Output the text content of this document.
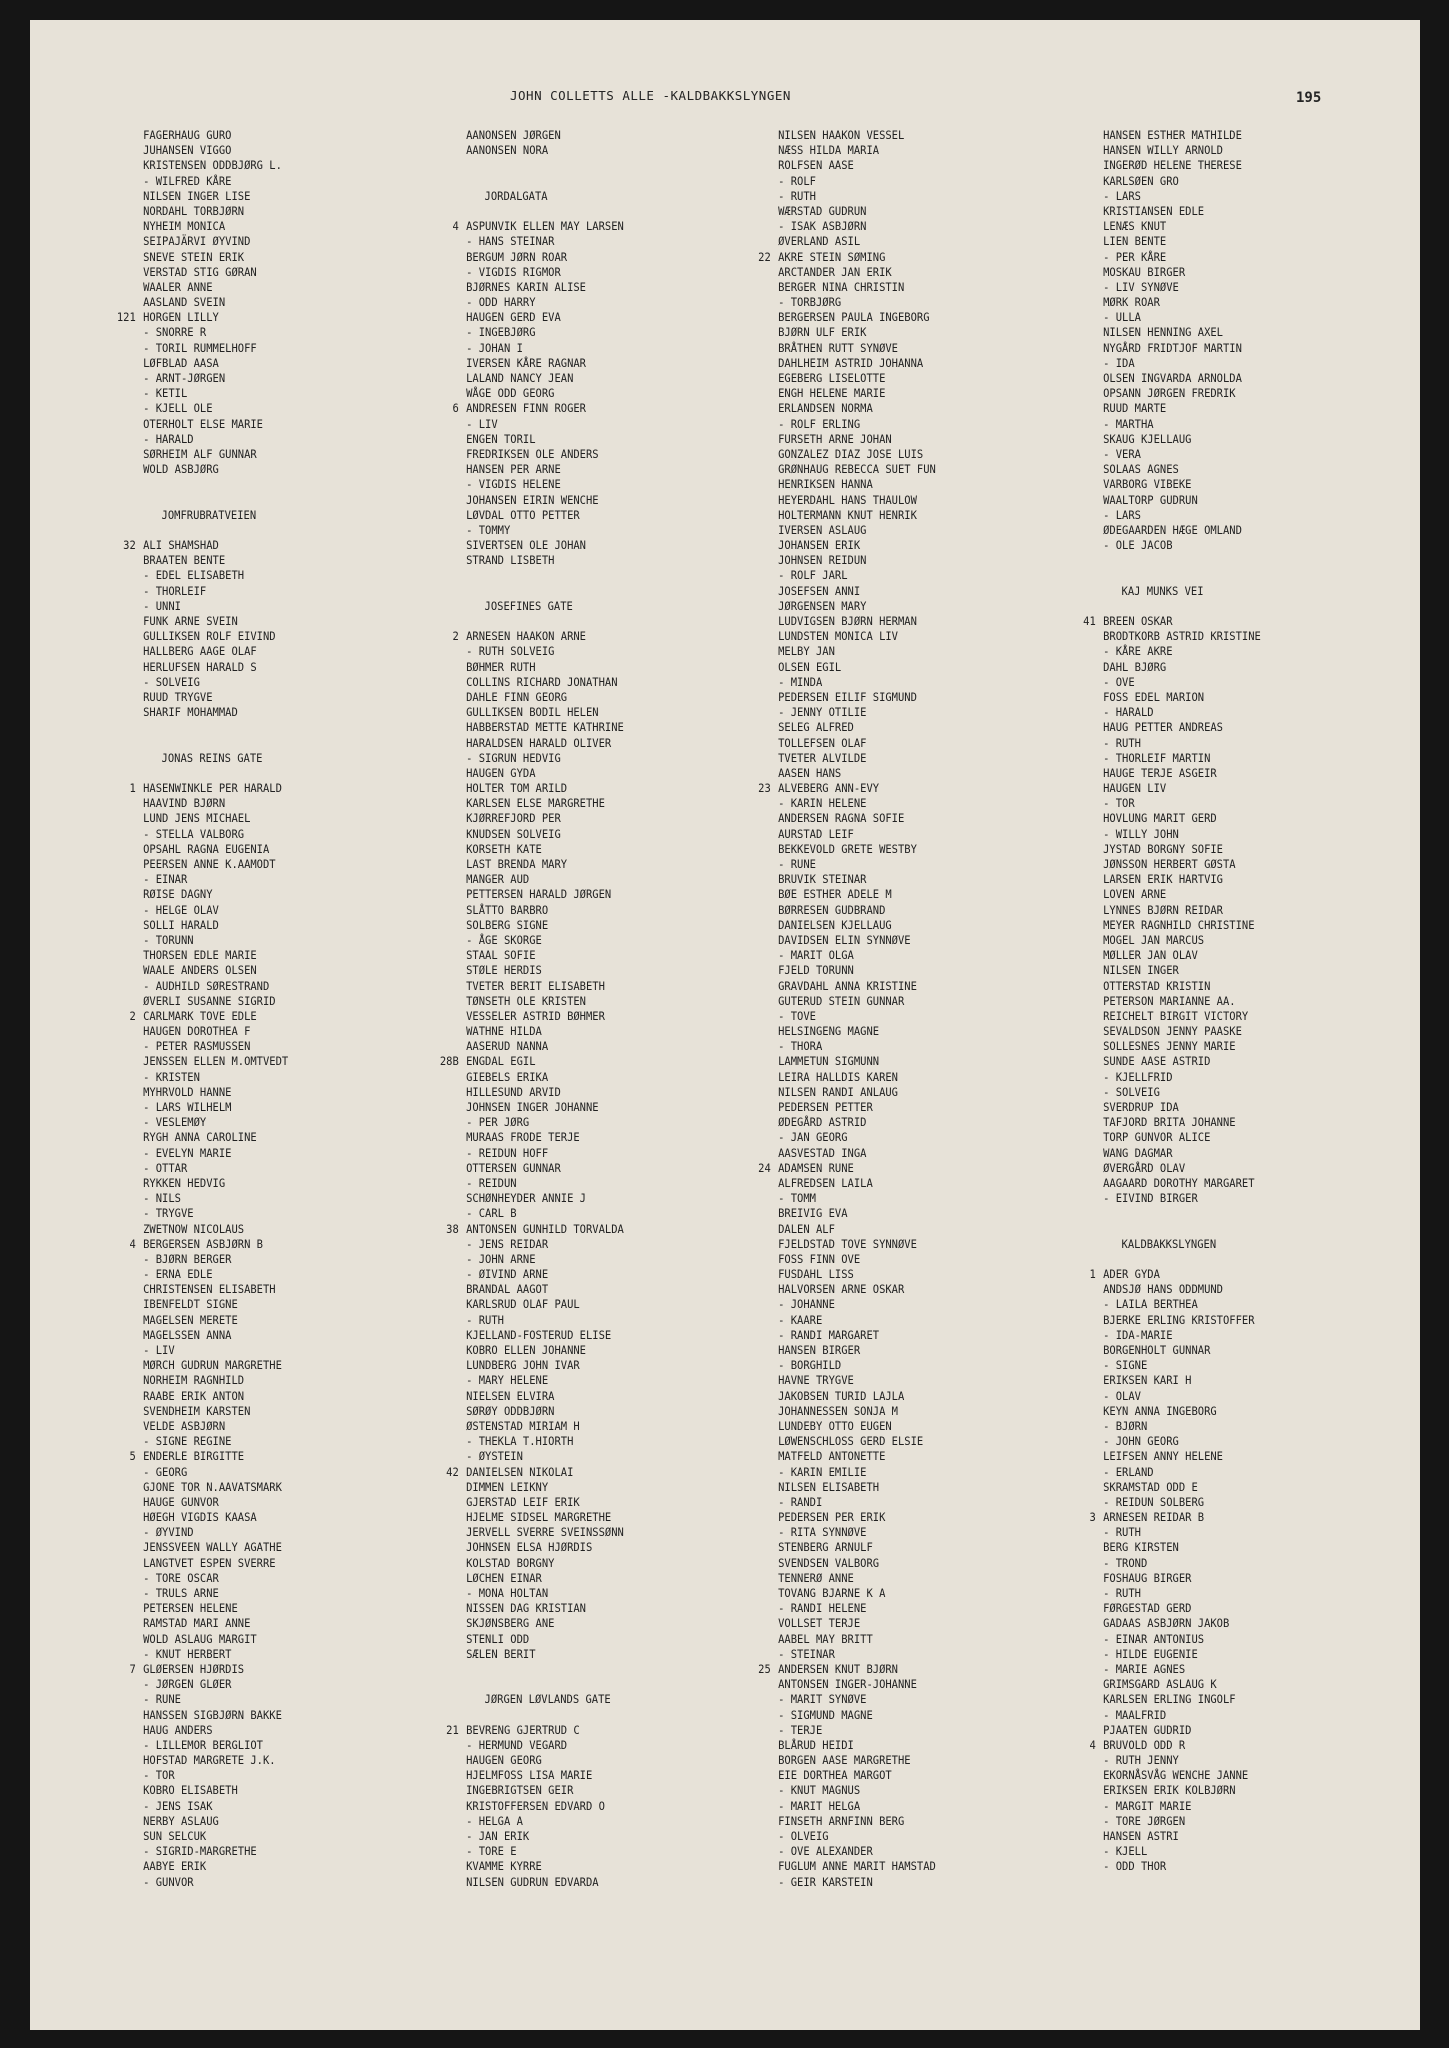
JOHN COLLETTS ALLE -KALDBAKKSLYNGEN	195
FAGERHAUG GURO
JUHANSEN VIGGO
KRISTENSEN ODDBJØRG L.
- WILFRED KÅRE
NILSEN INGER LISE
NORDAHL TORBJØRN
NYHEIM MONICA
SEIPAJÄRVI ØYVIND
SNEVE STEIN ERIK
VERSTAD STIG GØRAN
WAALER ANNE
AASLAND SVEIN
121 HORGEN LILLY
- SNORRE R
- TORIL RUMMELHOFF
LØFBLAD AASA
- ARNT-JØRGEN
- KETIL
- KJELL OLE
OTERHOLT ELSE MARIE
- HARALD
SØRHEIM ALF GUNNAR
WOLD ASBJØRG
JOMFRUBRATVEIEN
32 ALI SHAMSHAD
BRAATEN BENTE
- EDEL ELISABETH
- THORLEIF
- UNNI
FUNK ARNE SVEIN
GULLIKSEN ROLF EIVIND
HALLBERG AAGE OLAF
HERLUFSEN HARALD S
- SOLVEIG
RUUD TRYGVE
SHARIF MOHAMMAD
JONAS REINS GATE
1 HASENWINKLE PER HARALD
HAAVIND BJØRN
LUND JENS MICHAEL
- STELLA VALBORG
OPSAHL RAGNA EUGENIA
PEERSEN ANNE K.AAMODT
- EINAR
RØISE DAGNY
- HELGE OLAV
SOLLI HARALD
- TORUNN
THORSEN EDLE MARIE
WAALE ANDERS OLSEN
- AUDHILD SØRESTRAND
ØVERLI SUSANNE SIGRID
2 CARLMARK TOVE EDLE
HAUGEN DOROTHEA F
- PETER RASMUSSEN
JENSSEN ELLEN M.OMTVEDT
- KRISTEN
MYHRVOLD HANNE
- LARS WILHELM
- VESLEMØY
RYGH ANNA CAROLINE
- EVELYN MARIE
- OTTAR
RYKKEN HEDVIG
- NILS
- TRYGVE
ZWETNOW NICOLAUS
4 BERGERSEN ASBJØRN B
- BJØRN BERGER
- ERNA EDLE
CHRISTENSEN ELISABETH
IBENFELDT SIGNE
MAGELSEN MERETE
MAGELSSEN ANNA
- LIV
MØRCH GUDRUN MARGRETHE
NORHEIM RAGNHILD
RAABE ERIK ANTON
SVENDHEIM KARSTEN
VELDE ASBJØRN
- SIGNE REGINE
5 ENDERLE BIRGITTE
- GEORG
GJONE TOR N.AAVATSMARK
HAUGE GUNVOR
HØEGH VIGDIS KAASA
- ØYVIND
JENSSVEEN WALLY AGATHE
LANGTVET ESPEN SVERRE
- TORE OSCAR
- TRULS ARNE
PETERSEN HELENE
RAMSTAD MARI ANNE
WOLD ASLAUG MARGIT
- KNUT HERBERT
7 GLØERSEN HJØRDIS
- JØRGEN GLØER
- RUNE
HANSSEN SIGBJØRN BAKKE
HAUG ANDERS
- LILLEMOR BERGLIOT
HOFSTAD MARGRETE J.K.
- TOR
KOBRO ELISABETH
- JENS ISAK
NERBY ASLAUG
SUN SELCUK
- SIGRID-MARGRETHE
AABYE ERIK
- GUNVOR
AANONSEN JØRGEN
AANONSEN NORA
JORDALGATA
4 ASPUNVIK ELLEN MAY LARSEN
- HANS STEINAR
BERGUM JØRN ROAR
- VIGDIS RIGMOR
BJØRNES KARIN ALISE
- ODD HARRY
HAUGEN GERD EVA
- INGEBJØRG
- JOHAN I
IVERSEN KÅRE RAGNAR
LALAND NANCY JEAN
WÅGE ODD GEORG
6 ANDRESEN FINN ROGER
- LIV
ENGEN TORIL
FREDRIKSEN OLE ANDERS
HANSEN PER ARNE
- VIGDIS HELENE
JOHANSEN EIRIN WENCHE
LØVDAL OTTO PETTER
- TOMMY
SIVERTSEN OLE JOHAN
STRAND LISBETH
JOSEFINES GATE
2 ARNESEN HAAKON ARNE
- RUTH SOLVEIG
BØHMER RUTH
COLLINS RICHARD JONATHAN
DAHLE FINN GEORG
GULLIKSEN BODIL HELEN
HABBERSTAD METTE KATHRINE
HARALDSEN HARALD OLIVER
- SIGRUN HEDVIG
HAUGEN GYDA
HOLTER TOM ARILD
KARLSEN ELSE MARGRETHE
KJØRREFJORD PER
KNUDSEN SOLVEIG
KORSETH KATE
LAST BRENDA MARY
MANGER AUD
PETTERSEN HARALD JØRGEN
SLÅTTO BARBRO
SOLBERG SIGNE
- ÅGE SKORGE
STAAL SOFIE
STØLE HERDIS
TVETER BERIT ELISABETH
TØNSETH OLE KRISTEN
VESSELER ASTRID BØHMER
WATHNE HILDA
AASERUD NANNA
28B ENGDAL EGIL
GIEBELS ERIKA
HILLESUND ARVID
JOHNSEN INGER JOHANNE
- PER JØRG
MURAAS FRODE TERJE
- REIDUN HOFF
OTTERSEN GUNNAR
- REIDUN
SCHØNHEYDER ANNIE J
- CARL B
38 ANTONSEN GUNHILD TORVALDA
- JENS REIDAR
- JOHN ARNE
- ØIVIND ARNE
BRANDAL AAGOT
KARLSRUD OLAF PAUL
- RUTH
KJELLAND-FOSTERUD ELISE
KOBRO ELLEN JOHANNE
LUNDBERG JOHN IVAR
- MARY HELENE
NIELSEN ELVIRA
SØRØY ODDBJØRN
ØSTENSTAD MIRIAM H
- THEKLA T.HIORTH
- ØYSTEIN
42 DANIELSEN NIKOLAI
DIMMEN LEIKNY
GJERSTAD LEIF ERIK
HJELME SIDSEL MARGRETHE
JERVELL SVERRE SVEINSSØNN
JOHNSEN ELSA HJØRDIS
KOLSTAD BORGNY
LØCHEN EINAR
- MONA HOLTAN
NISSEN DAG KRISTIAN
SKJØNSBERG ANE
STENLI ODD
SÆLEN BERIT
JØRGEN LØVLANDS GATE
21 BEVRENG GJERTRUD C
- HERMUND VEGARD
HAUGEN GEORG
HJELMFOSS LISA MARIE
INGEBRIGTSEN GEIR
KRISTOFFERSEN EDVARD O
- HELGA A
- JAN ERIK
- TORE E
KVAMME KYRRE
NILSEN GUDRUN EDVARDA
NILSEN HAAKON VESSEL
NÆSS HILDA MARIA
ROLFSEN AASE
- ROLF
- RUTH
WÆRSTAD GUDRUN
- ISAK ASBJØRN
ØVERLAND ASIL
22 AKRE STEIN SØMING
ARCTANDER JAN ERIK
BERGER NINA CHRISTIN
- TORBJØRG
BERGERSEN PAULA INGEBORG
BJØRN ULF ERIK
BRÅTHEN RUTT SYNØVE
DAHLHEIM ASTRID JOHANNA
EGEBERG LISELOTTE
ENGH HELENE MARIE
ERLANDSEN NORMA
- ROLF ERLING
FURSETH ARNE JOHAN
GONZALEZ DIAZ JOSE LUIS
GRØNHAUG REBECCA SUET FUN
HENRIKSEN HANNA
HEYERDAHL HANS THAULOW
HOLTERMANN KNUT HENRIK
IVERSEN ASLAUG
JOHANSEN ERIK
JOHNSEN REIDUN
- ROLF JARL
JOSEFSEN ANNI
JØRGENSEN MARY
LUDVIGSEN BJØRN HERMAN
LUNDSTEN MONICA LIV
MELBY JAN
OLSEN EGIL
- MINDA
PEDERSEN EILIF SIGMUND
- JENNY OTILIE
SELEG ALFRED
TOLLEFSEN OLAF
TVETER ALVILDE
AASEN HANS
23 ALVEBERG ANN-EVY
- KARIN HELENE
ANDERSEN RAGNA SOFIE
AURSTAD LEIF
BEKKEVOLD GRETE WESTBY
- RUNE
BRUVIK STEINAR
BØE ESTHER ADELE M
BØRRESEN GUDBRAND
DANIELSEN KJELLAUG
DAVIDSEN ELIN SYNNØVE
- MARIT OLGA
FJELD TORUNN
GRAVDAHL ANNA KRISTINE
GUTERUD STEIN GUNNAR
- TOVE
HELSINGENG MAGNE
- THORA
LAMMETUN SIGMUNN
LEIRA HALLDIS KAREN
NILSEN RANDI ANLAUG
PEDERSEN PETTER
ØDEGÅRD ASTRID
- JAN GEORG
AASVESTAD INGA
24 ADAMSEN RUNE
ALFREDSEN LAILA
- TOMM
BREIVIG EVA
DALEN ALF
FJELDSTAD TOVE SYNNØVE
FOSS FINN OVE
FUSDAHL LISS
HALVORSEN ARNE OSKAR
- JOHANNE
- KAARE
- RANDI MARGARET
HANSEN BIRGER
- BORGHILD
HAVNE TRYGVE
JAKOBSEN TURID LAJLA
JOHANNESSEN SONJA M
LUNDEBY OTTO EUGEN
LØWENSCHLOSS GERD ELSIE
MATFELD ANTONETTE
- KARIN EMILIE
NILSEN ELISABETH
- RANDI
PEDERSEN PER ERIK
- RITA SYNNØVE
STENBERG ARNULF
SVENDSEN VALBORG
TENNERØ ANNE
TOVANG BJARNE K A
- RANDI HELENE
VOLLSET TERJE
AABEL MAY BRITT
- STEINAR
25 ANDERSEN KNUT BJØRN
ANTONSEN INGER-JOHANNE
- MARIT SYNØVE
- SIGMUND MAGNE
- TERJE
BLÅRUD HEIDI
BORGEN AASE MARGRETHE
EIE DORTHEA MARGOT
- KNUT MAGNUS
- MARIT HELGA
FINSETH ARNFINN BERG
- OLVEIG
- OVE ALEXANDER
FUGLUM ANNE MARIT HAMSTAD
- GEIR KARSTEIN
HANSEN ESTHER MATHILDE
HANSEN WILLY ARNOLD
INGERØD HELENE THERESE
KARLSØEN GRO
- LARS
KRISTIANSEN EDLE
LENÆS KNUT
LIEN BENTE
- PER KÅRE
MOSKAU BIRGER
- LIV SYNØVE
MØRK ROAR
- ULLA
NILSEN HENNING AXEL
NYGÅRD FRIDTJOF MARTIN
- IDA
OLSEN INGVARDA ARNOLDA
OPSANN JØRGEN FREDRIK
RUUD MARTE
- MARTHA
SKAUG KJELLAUG
- VERA
SOLAAS AGNES
VARBORG VIBEKE
WAALTORP GUDRUN
- LARS
ØDEGAARDEN HÆGE OMLAND
- OLE JACOB
KAJ MUNKS VEI
41 BREEN OSKAR
BRODTKORB ASTRID KRISTINE
- KÅRE AKRE
DAHL BJØRG
- OVE
FOSS EDEL MARION
- HARALD
HAUG PETTER ANDREAS
- RUTH
- THORLEIF MARTIN
HAUGE TERJE ASGEIR
HAUGEN LIV
- TOR
HOVLUNG MARIT GERD
- WILLY JOHN
JYSTAD BORGNY SOFIE
JØNSSON HERBERT GØSTA
LARSEN ERIK HARTVIG
LOVEN ARNE
LYNNES BJØRN REIDAR
MEYER RAGNHILD CHRISTINE
MOGEL JAN MARCUS
MØLLER JAN OLAV
NILSEN INGER
OTTERSTAD KRISTIN
PETERSON MARIANNE AA.
REICHELT BIRGIT VICTORY
SEVALDSON JENNY PAASKE
SOLLESNES JENNY MARIE
SUNDE AASE ASTRID
- KJELLFRID
- SOLVEIG
SVERDRUP IDA
TAFJORD BRITA JOHANNE
TORP GUNVOR ALICE
WANG DAGMAR
ØVERGÅRD OLAV
AAGAARD DOROTHY MARGARET
- EIVIND BIRGER
KALDBAKKSLYNGEN
1 ADER GYDA
ANDSJØ HANS ODDMUND
- LAILA BERTHEA
BJERKE ERLING KRISTOFFER
- IDA-MARIE
BORGENHOLT GUNNAR
- SIGNE
ERIKSEN KARI H
- OLAV
KEYN ANNA INGEBORG
- BJØRN
- JOHN GEORG
LEIFSEN ANNY HELENE
- ERLAND
SKRAMSTAD ODD E
- REIDUN SOLBERG
3 ARNESEN REIDAR B
- RUTH
BERG KIRSTEN
- TROND
FOSHAUG BIRGER
- RUTH
FØRGESTAD GERD
GADAAS ASBJØRN JAKOB
- EINAR ANTONIUS
- HILDE EUGENIE
- MARIE AGNES
GRIMSGARD ASLAUG K
KARLSEN ERLING INGOLF
- MAALFRID
PJAATEN GUDRID
4 BRUVOLD ODD R
- RUTH JENNY
EKORNÅSVÅG WENCHE JANNE
ERIKSEN ERIK KOLBJØRN
- MARGIT MARIE
- TORE JØRGEN
HANSEN ASTRI
- KJELL
- ODD THOR
